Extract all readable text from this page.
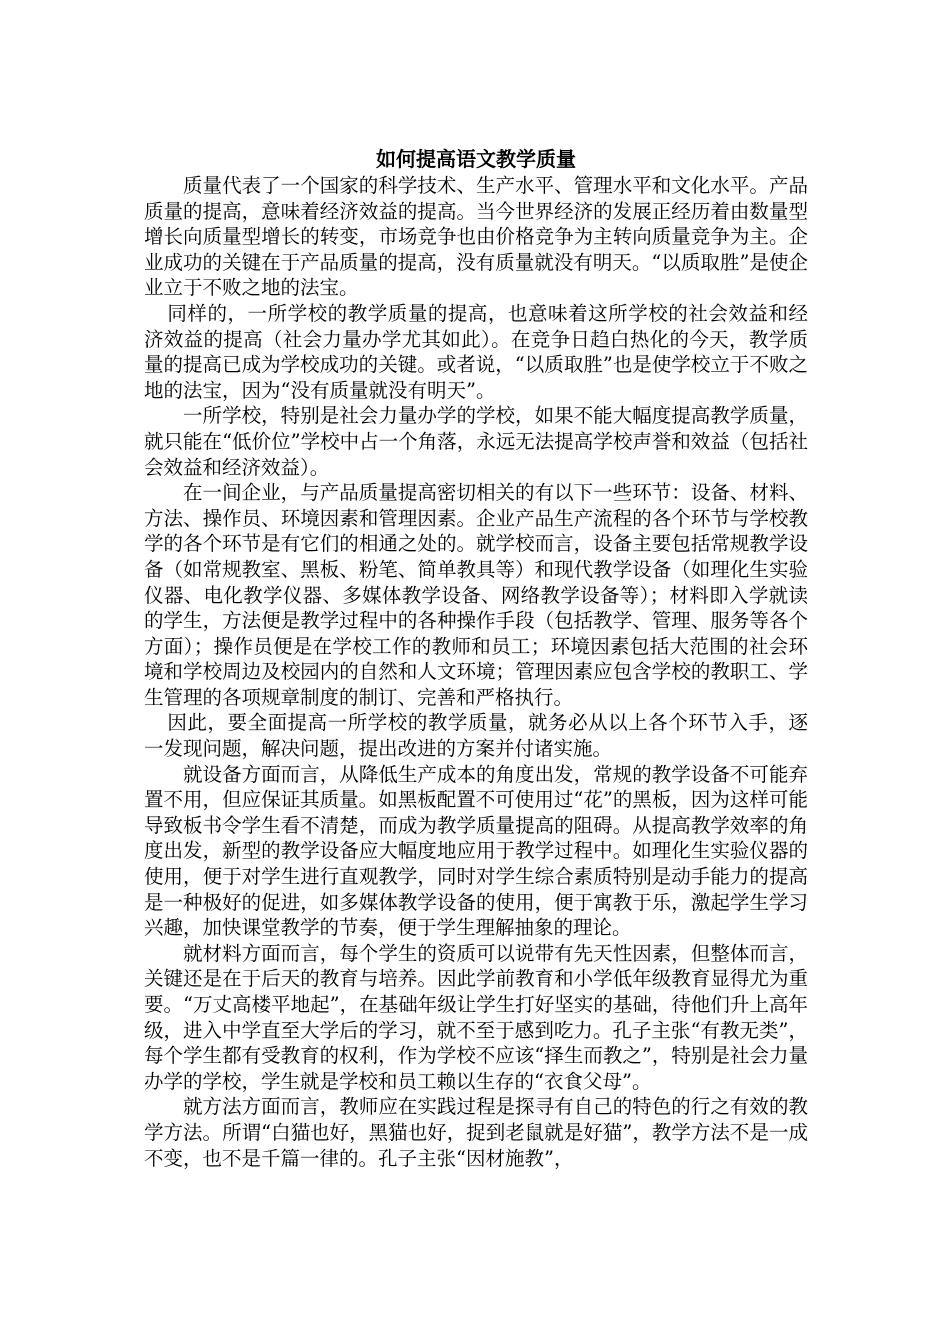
如何提高语文教学质量

质量代表了一个国家的科学技术、生产水平、管理水平和文化水平。产品质量的提高，意味着经济效益的提高。当今世界经济的发展正经历着由数量型增长向质量型增长的转变，市场竞争也由价格竞争为主转向质量竞争为主。企业成功的关键在于产品质量的提高，没有质量就没有明天。“以质取胜”是使企业立于不败之地的法宝。

同样的，一所学校的教学质量的提高，也意味着这所学校的社会效益和经济效益的提高（社会力量办学尤其如此）。在竞争日趋白热化的今天，教学质量的提高已成为学校成功的关键。或者说，“以质取胜”也是使学校立于不败之地的法宝，因为“没有质量就没有明天”。

一所学校，特别是社会力量办学的学校，如果不能大幅度提高教学质量，就只能在“低价位”学校中占一个角落，永远无法提高学校声誉和效益（包括社会效益和经济效益）。

在一间企业，与产品质量提高密切相关的有以下一些环节：设备、材料、方法、操作员、环境因素和管理因素。企业产品生产流程的各个环节与学校教学的各个环节是有它们的相通之处的。就学校而言，设备主要包括常规教学设备（如常规教室、黑板、粉笔、简单教具等）和现代教学设备（如理化生实验仪器、电化教学仪器、多媒体教学设备、网络教学设备等）；材料即入学就读的学生，方法便是教学过程中的各种操作手段（包括教学、管理、服务等各个方面）；操作员便是在学校工作的教师和员工；环境因素包括大范围的社会环境和学校周边及校园内的自然和人文环境；管理因素应包含学校的教职工、学生管理的各项规章制度的制订、完善和严格执行。

因此，要全面提高一所学校的教学质量，就务必从以上各个环节入手，逐一发现问题，解决问题，提出改进的方案并付诸实施。

就设备方面而言，从降低生产成本的角度出发，常规的教学设备不可能弃置不用，但应保证其质量。如黑板配置不可使用过“花”的黑板，因为这样可能导致板书令学生看不清楚，而成为教学质量提高的阻碍。从提高教学效率的角度出发，新型的教学设备应大幅度地应用于教学过程中。如理化生实验仪器的使用，便于对学生进行直观教学，同时对学生综合素质特别是动手能力的提高是一种极好的促进，如多媒体教学设备的使用，便于寓教于乐，激起学生学习兴趣，加快课堂教学的节奏，便于学生理解抽象的理论。

就材料方面而言，每个学生的资质可以说带有先天性因素，但整体而言，关键还是在于后天的教育与培养。因此学前教育和小学低年级教育显得尤为重要。“万丈高楼平地起”，在基础年级让学生打好坚实的基础，待他们升上高年级，进入中学直至大学后的学习，就不至于感到吃力。孔子主张“有教无类”，每个学生都有受教育的权利，作为学校不应该“择生而教之”，特别是社会力量办学的学校，学生就是学校和员工赖以生存的“衣食父母”。

就方法方面而言，教师应在实践过程是探寻有自己的特色的行之有效的教学方法。所谓“白猫也好，黑猫也好，捉到老鼠就是好猫”，教学方法不是一成不变，也不是千篇一律的。孔子主张“因材施教”，
